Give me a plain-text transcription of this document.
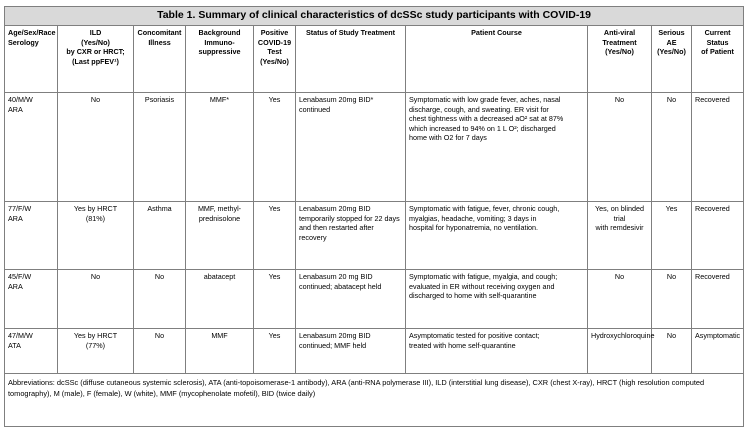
Table 1. Summary of clinical characteristics of dcSSc study participants with COVID-19									

Age/Sex/Race
Serology	ILD
(Yes/No)
by CXR or HRCT;
(Last ppFEV¹)	Concomitant
Illness	Background
Immuno-
suppressive	Positive
COVID-19
Test
(Yes/No)	Status of Study Treatment	Patient Course	Anti-viral
Treatment
(Yes/No)	Serious AE
(Yes/No)	Current Status
of Patient

40/M/W
ARA	No	Psoriasis	MMF*	Yes	Lenabasum 20mg BID*
continued	Symptomatic with low grade fever, aches, nasal
discharge, cough, and sweating. ER visit for
chest tightness with a decreased aO² sat at 87%
which increased to 94% on 1 L O²; discharged
home with O2 for 7 days	No	No	Recovered

77/F/W
ARA	Yes by HRCT
(81%)	Asthma	MMF, methyl-
prednisolone	Yes	Lenabasum 20mg BID
temporarily stopped for 22 days
and then restarted after
recovery	Symptomatic with fatigue, fever, chronic cough,
myalgias, headache, vomiting; 3 days in
hospital for hyponatremia, no ventilation.	Yes, on blinded trial
with remdesivir	Yes	Recovered

45/F/W
ARA	No	No	abatacept	Yes	Lenabasum 20 mg BID
continued; abatacept held	Symptomatic with fatigue, myalgia, and cough;
evaluated in ER without receiving oxygen and
discharged to home with self-quarantine	No	No	Recovered

47/M/W
ATA	Yes by HRCT
(77%)	No	MMF	Yes	Lenabasum 20mg BID
continued; MMF held	Asymptomatic tested for positive contact;
treated with home self-quarantine	Hydroxychloroquine	No	Asymptomatic
Abbreviations: dcSSc (diffuse cutaneous systemic sclerosis), ATA (anti-topoisomerase-1 antibody), ARA (anti-RNA polymerase III), ILD (interstitial lung disease), CXR (chest X-ray), HRCT (high resolution computed tomography), M (male), F (female), W (white), MMF (mycophenolate mofetil), BID (twice daily)									
